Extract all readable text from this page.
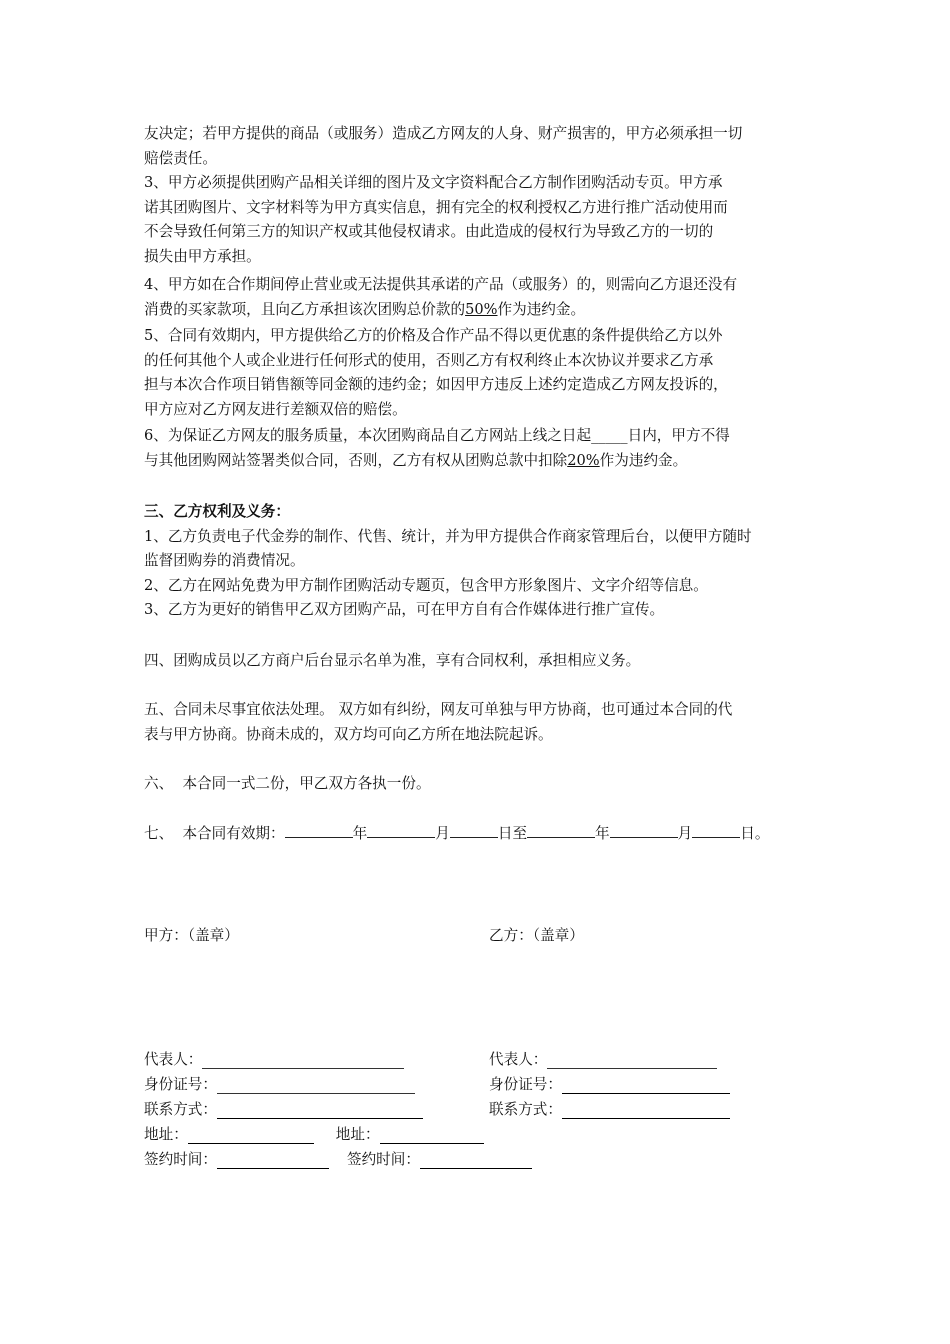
友决定；若甲方提供的商品（或服务）造成乙方网友的人身、财产损害的，甲方必须承担一切
赔偿责任。
3、甲方必须提供团购产品相关详细的图片及文字资料配合乙方制作团购活动专页。甲方承
诺其团购图片、文字材料等为甲方真实信息，拥有完全的权利授权乙方进行推广活动使用而
不会导致任何第三方的知识产权或其他侵权请求。由此造成的侵权行为导致乙方的一切的
损失由甲方承担。
4、甲方如在合作期间停止营业或无法提供其承诺的产品（或服务）的，则需向乙方退还没有
消费的买家款项，且向乙方承担该次团购总价款的50%作为违约金。
5、合同有效期内，甲方提供给乙方的价格及合作产品不得以更优惠的条件提供给乙方以外
的任何其他个人或企业进行任何形式的使用，否则乙方有权利终止本次协议并要求乙方承
担与本次合作项目销售额等同金额的违约金；如因甲方违反上述约定造成乙方网友投诉的，
甲方应对乙方网友进行差额双倍的赔偿。
6、为保证乙方网友的服务质量，本次团购商品自乙方网站上线之日起_____日内，甲方不得
与其他团购网站签署类似合同，否则，乙方有权从团购总款中扣除20%作为违约金。
三、乙方权利及义务：
1、乙方负责电子代金券的制作、代售、统计，并为甲方提供合作商家管理后台，以便甲方随时
监督团购券的消费情况。
2、乙方在网站免费为甲方制作团购活动专题页，包含甲方形象图片、文字介绍等信息。
3、乙方为更好的销售甲乙双方团购产品，可在甲方自有合作媒体进行推广宣传。
四、团购成员以乙方商户后台显示名单为准，享有合同权利，承担相应义务。
五、合同未尽事宜依法处理。 双方如有纠纷，网友可单独与甲方协商，也可通过本合同的代
表与甲方协商。协商未成的，双方均可向乙方所在地法院起诉。
六、  本合同一式二份，甲乙双方各执一份。
七、  本合同有效期：	年	月	日至	年	月	日。
甲方：（盖章）	乙方：（盖章）
代表人：	代表人：
身份证号：	身份证号：
联系方式：	联系方式：
地址：	地址：
签约时间：	签约时间：
